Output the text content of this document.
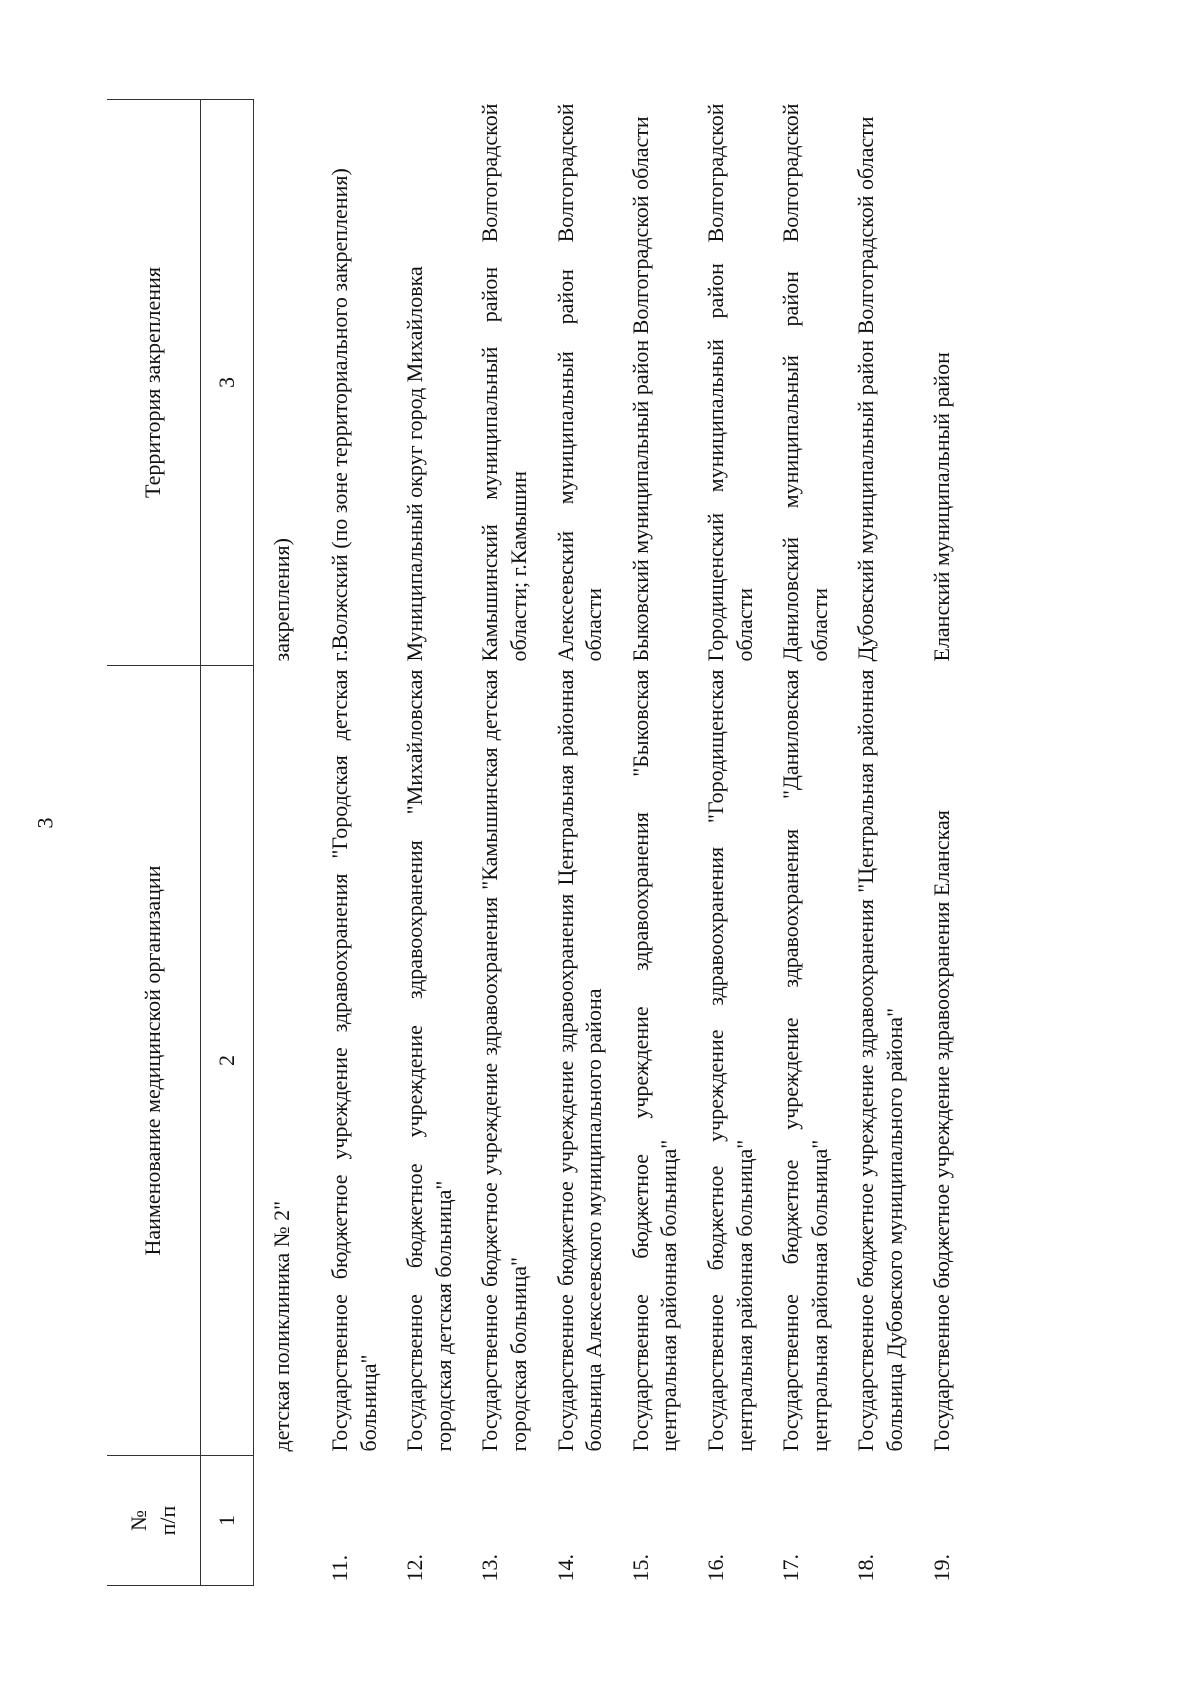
3
№ п/п	Наименование медицинской организации	Территория закрепления
1	2	3
	детская поликлиника № 2"	закрепления)
11.	Государственное бюджетное учреждение здравоохранения "Городская детская больница"	г.Волжский (по зоне территориального закрепления)
12.	Государственное бюджетное учреждение здравоохранения "Михайловская городская детская больница"	Муниципальный округ город Михайловка
13.	Государственное бюджетное учреждение здравоохранения "Камышинская детская городская больница"	Камышинский муниципальный район Волгоградской области; г.Камышин
14.	Государственное бюджетное учреждение здравоохранения Центральная районная больница Алексеевского муниципального района	Алексеевский муниципальный район Волгоградской области
15.	Государственное бюджетное учреждение здравоохранения "Быковская центральная районная больница"	Быковский муниципальный район Волгоградской области
16.	Государственное бюджетное учреждение здравоохранения "Городищенская центральная районная больница"	Городищенский муниципальный район Волгоградской области
17.	Государственное бюджетное учреждение здравоохранения "Даниловская центральная районная больница"	Даниловский муниципальный район Волгоградской области
18.	Государственное бюджетное учреждение здравоохранения "Центральная районная больница Дубовского муниципального района"	Дубовский муниципальный район Волгоградской области
19.	Государственное бюджетное учреждение здравоохранения Еланская	Еланский муниципальный район
